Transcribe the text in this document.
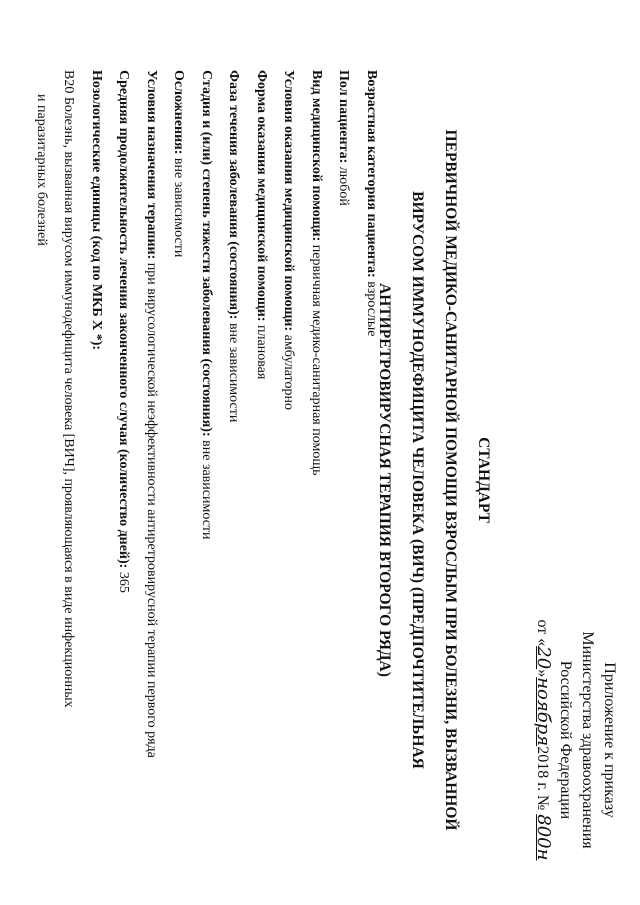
Приложение к приказу
Министерства здравоохранения
Российской Федерации
от «20»ноября2018 г. № 800н
СТАНДАРТ
ПЕРВИЧНОЙ МЕДИКО-САНИТАРНОЙ ПОМОЩИ ВЗРОСЛЫМ ПРИ БОЛЕЗНИ, ВЫЗВАННОЙ
ВИРУСОМ ИММУНОДЕФИЦИТА ЧЕЛОВЕКА (ВИЧ) (ПРЕДПОЧТИТЕЛЬНАЯ
АНТИРЕТРОВИРУСНАЯ ТЕРАПИЯ ВТОРОГО РЯДА)
Возрастная категория пациента: взрослые
Пол пациента: любой
Вид медицинской помощи: первичная медико-санитарная помощь
Условия оказания медицинской помощи: амбулаторно
Форма оказания медицинской помощи: плановая
Фаза течения заболевания (состояния): вне зависимости
Стадия и (или) степень тяжести заболевания (состояния): вне зависимости
Осложнения: вне зависимости
Условия назначения терапии: при вирусологической неэффективности антиретровирусной терапии первого ряда
Средняя продолжительность лечения законченного случая (количество дней): 365
Нозологические единицы (код по МКБ X *):
B20 Болезнь, вызванная вирусом иммунодефицита человека [ВИЧ], проявляющаяся в виде инфекционных
и паразитарных болезней
